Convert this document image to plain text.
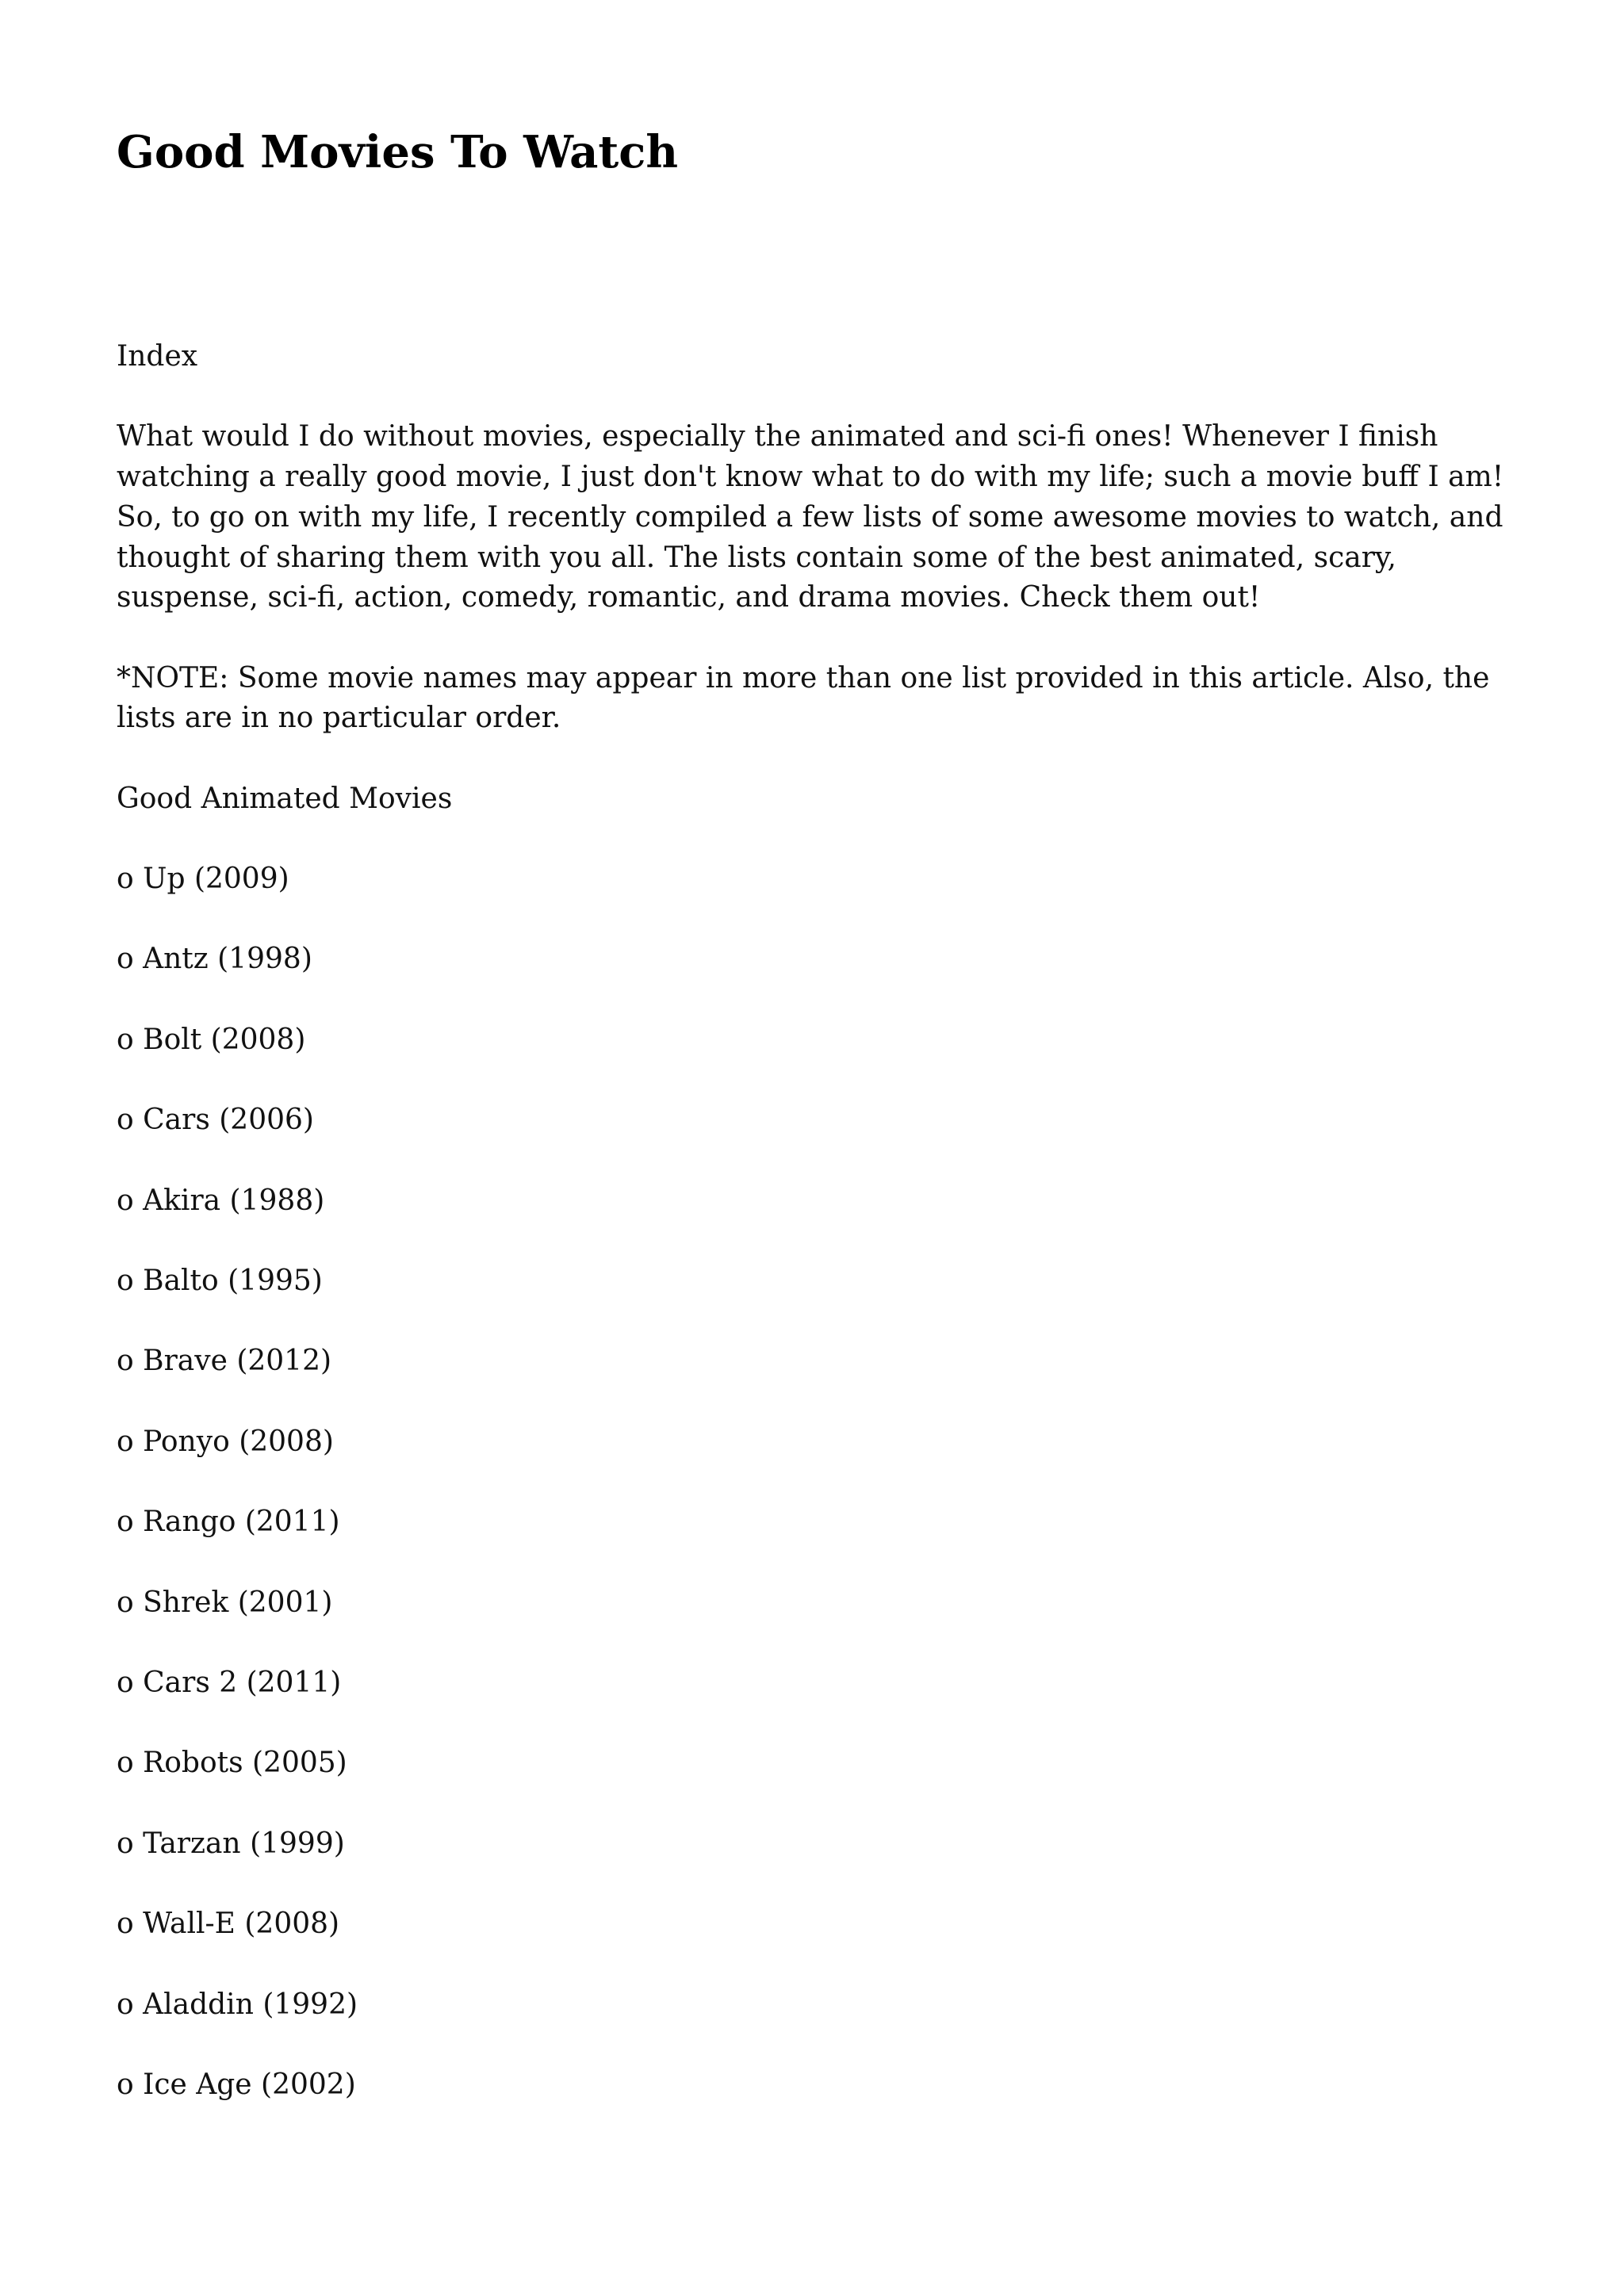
Good Movies To Watch

Index

What would I do without movies, especially the animated and sci-fi ones! Whenever I finish watching a really good movie, I just don't know what to do with my life; such a movie buff I am! So, to go on with my life, I recently compiled a few lists of some awesome movies to watch, and thought of sharing them with you all. The lists contain some of the best animated, scary, suspense, sci-fi, action, comedy, romantic, and drama movies. Check them out!

*NOTE: Some movie names may appear in more than one list provided in this article. Also, the lists are in no particular order.

Good Animated Movies

o Up (2009)
o Antz (1998)
o Bolt (2008)
o Cars (2006)
o Akira (1988)
o Balto (1995)
o Brave (2012)
o Ponyo (2008)
o Rango (2011)
o Shrek (2001)
o Cars 2 (2011)
o Robots (2005)
o Tarzan (1999)
o Wall-E (2008)
o Aladdin (1992)
o Ice Age (2002)
